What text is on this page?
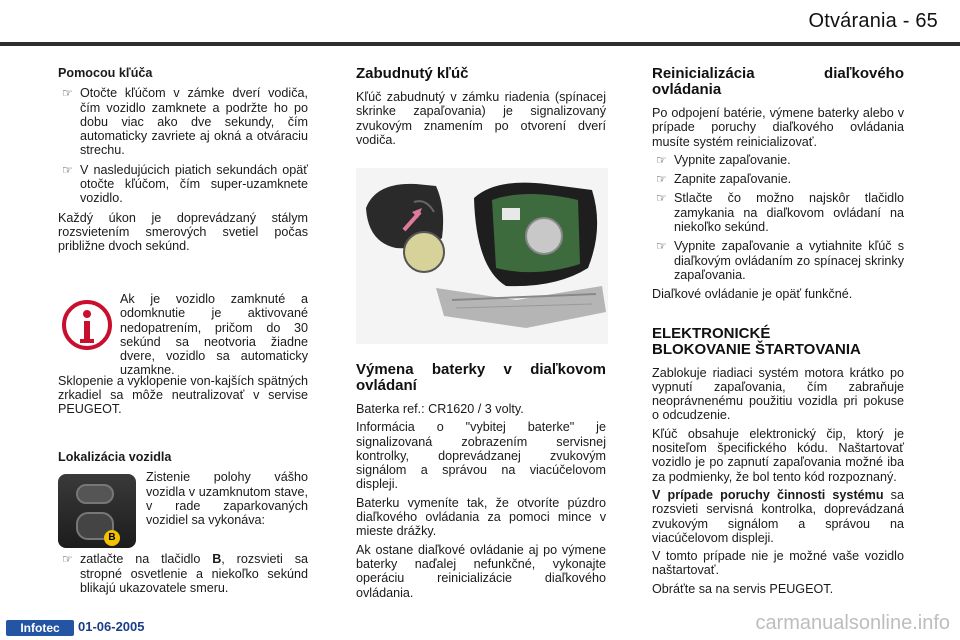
Otvárania - 65
Pomocou kľúča
☞ Otočte kľúčom v zámke dverí vodiča, čím vozidlo zamknete a podržte ho po dobu viac ako dve sekundy, čím automaticky zavriete aj okná a otváraciu strechu.
☞ V nasledujúcich piatich sekundách opäť otočte kľúčom, čím super-uzamknete vozidlo.

Každý úkon je doprevádzaný stálym rozsvietením smerových svetiel počas približne dvoch sekúnd.

Ak je vozidlo zamknuté a odomknutie je aktivované nedopatrením, pričom do 30 sekúnd sa neotvoria žiadne dvere, vozidlo sa automaticky uzamkne.

Sklopenie a vyklopenie von-kajších spätných zrkadiel sa môže neutralizovať v servise PEUGEOT.

Lokalizácia vozidla
B

Zistenie polohy vášho vozidla v uzamknutom stave, v rade zaparkovaných vozidiel sa vykonáva:

☞ zatlačte na tlačidlo B, rozsvieti sa stropné osvetlenie a niekoľko sekúnd blikajú ukazovatele smeru.
Zabudnutý kľúč

Kľúč zabudnutý v zámku riadenia (spínacej skrinke zapaľovania) je signalizovaný zvukovým znamením po otvorení dverí vodiča.

Výmena baterky v diaľkovom ovládaní

Baterka ref.: CR1620 / 3 volty.

Informácia o "vybitej baterke" je signalizovaná zobrazením servisnej kontrolky, doprevádzanej zvukovým signálom a správou na viacúčelovom displeji.

Baterku vymeníte tak, že otvoríte púzdro diaľkového ovládania za pomoci mince v mieste drážky.

Ak ostane diaľkové ovládanie aj po výmene baterky naďalej nefunkčné, vykonajte operáciu reinicializácie diaľkového ovládania.

Reinicializácia diaľkového ovládania

Po odpojení batérie, výmene baterky alebo v prípade poruchy diaľkového ovládania musíte systém reinicializovať.

☞ Vypnite zapaľovanie.
☞ Zapnite zapaľovanie.
☞ Stlačte čo možno najskôr tlačidlo zamykania na diaľkovom ovládaní na niekoľko sekúnd.
☞ Vypnite zapaľovanie a vytiahnite kľúč s diaľkovým ovládaním zo spínacej skrinky zapaľovania.

Diaľkové ovládanie je opäť funkčné.

ELEKTRONICKÉ
BLOKOVANIE ŠTARTOVANIA

Zablokuje riadiaci systém motora krátko po vypnutí zapaľovania, čím zabraňuje neoprávnenému použitiu vozidla pri pokuse o odcudzenie.

Kľúč obsahuje elektronický čip, ktorý je nositeľom špecifického kódu. Naštartovať vozidlo je po zapnutí zapaľovania možné iba za podmienky, že bol tento kód rozpoznaný.

V prípade poruchy činnosti systému sa rozsvieti servisná kontrolka, doprevádzaná zvukovým signálom a správou na viacúčelovom displeji.

V tomto prípade nie je možné vaše vozidlo naštartovať.

Obráťte sa na servis PEUGEOT.

Infotec	01-06-2005	carmanualsonline.info
